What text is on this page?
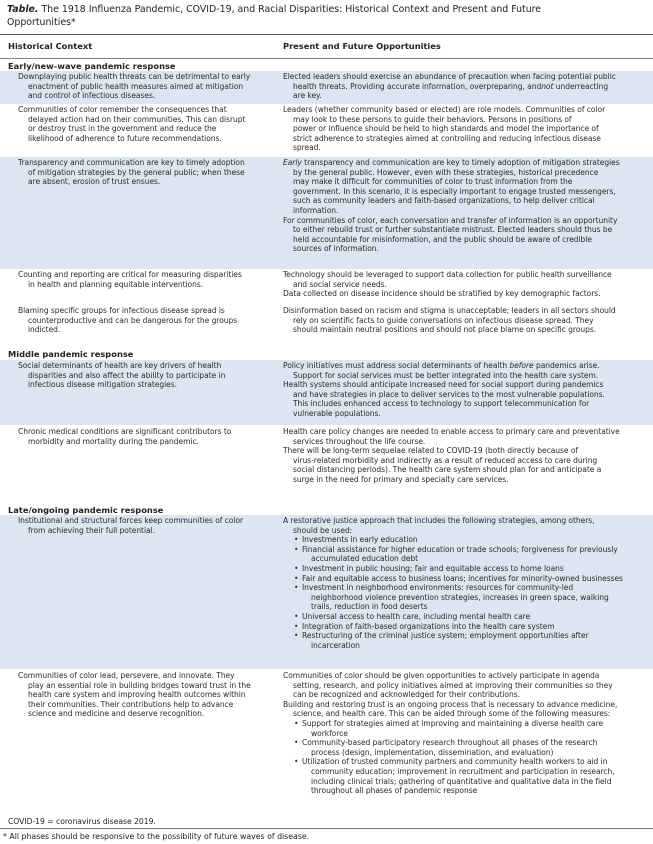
Table. The 1918 Influenza Pandemic, COVID-19, and Racial Disparities: Historical Context and Present and Future
Opportunities*
Historical Context	Present and Future Opportunities
Early/new-wave pandemic response
Downplaying public health threats can be detrimental to early
enactment of public health measures aimed at mitigation
and control of infectious diseases.
Elected leaders should exercise an abundance of precaution when facing potential public
health threats. Providing accurate information, overpreparing, andnot underreacting
are key.
Communities of color remember the consequences that
delayed action had on their communities. This can disrupt
or destroy trust in the government and reduce the
likelihood of adherence to future recommendations.
Leaders (whether community based or elected) are role models. Communities of color
may look to these persons to guide their behaviors. Persons in positions of
power or influence should be held to high standards and model the importance of
strict adherence to strategies aimed at controlling and reducing infectious disease
spread.
Transparency and communication are key to timely adoption
of mitigation strategies by the general public; when these
are absent, erosion of trust ensues.
Early transparency and communication are key to timely adoption of mitigation strategies
by the general public. However, even with these strategies, historical precedence
may make it difficult for communities of color to trust information from the
government. In this scenario, it is especially important to engage trusted messengers,
such as community leaders and faith-based organizations, to help deliver critical
information.
For communities of color, each conversation and transfer of information is an opportunity
to either rebuild trust or further substantiate mistrust. Elected leaders should thus be
held accountable for misinformation, and the public should be aware of credible
sources of information.
Counting and reporting are critical for measuring disparities
in health and planning equitable interventions.
Technology should be leveraged to support data collection for public health surveillance
and social service needs.
Data collected on disease incidence should be stratified by key demographic factors.
Blaming specific groups for infectious disease spread is
counterproductive and can be dangerous for the groups
indicted.
Disinformation based on racism and stigma is unacceptable; leaders in all sectors should
rely on scientific facts to guide conversations on infectious disease spread. They
should maintain neutral positions and should not place blame on specific groups.
Middle pandemic response
Social determinants of health are key drivers of health
disparities and also affect the ability to participate in
infectious disease mitigation strategies.
Policy initiatives must address social determinants of health before pandemics arise.
Support for social services must be better integrated into the health care system.
Health systems should anticipate increased need for social support during pandemics
and have strategies in place to deliver services to the most vulnerable populations.
This includes enhanced access to technology to support telecommunication for
vulnerable populations.
Chronic medical conditions are significant contributors to
morbidity and mortality during the pandemic.
Health care policy changes are needed to enable access to primary care and preventative
services throughout the life course.
There will be long-term sequelae related to COVID-19 (both directly because of
virus-related morbidity and indirectly as a result of reduced access to care during
social distancing periods). The health care system should plan for and anticipate a
surge in the need for primary and specialty care services.
Late/ongoing pandemic response
Institutional and structural forces keep communities of color
from achieving their full potential.
A restorative justice approach that includes the following strategies, among others,
should be used:
• Investments in early education
• Financial assistance for higher education or trade schools; forgiveness for previously
accumulated education debt
• Investment in public housing; fair and equitable access to home loans
• Fair and equitable access to business loans; incentives for minority-owned businesses
• Investment in neighborhood environments: resources for community-led
neighborhood violence prevention strategies, increases in green space, walking
trails, reduction in food deserts
• Universal access to health care, including mental health care
• Integration of faith-based organizations into the health care system
• Restructuring of the criminal justice system; employment opportunities after
incarceration
Communities of color lead, persevere, and innovate. They
play an essential role in building bridges toward trust in the
health care system and improving health outcomes within
their communities. Their contributions help to advance
science and medicine and deserve recognition.
Communities of color should be given opportunities to actively participate in agenda
setting, research, and policy initiatives aimed at improving their communities so they
can be recognized and acknowledged for their contributions.
Building and restoring trust is an ongoing process that is necessary to advance medicine,
science, and health care. This can be aided through some of the following measures:
• Support for strategies aimed at improving and maintaining a diverse health care
workforce
• Community-based participatory research throughout all phases of the research
process (design, implementation, dissemination, and evaluation)
• Utilization of trusted community partners and community health workers to aid in
community education; improvement in recruitment and participation in research,
including clinical trials; gathering of quantitative and qualitative data in the field
throughout all phases of pandemic response
COVID-19 = coronavirus disease 2019.
* All phases should be responsive to the possibility of future waves of disease.
